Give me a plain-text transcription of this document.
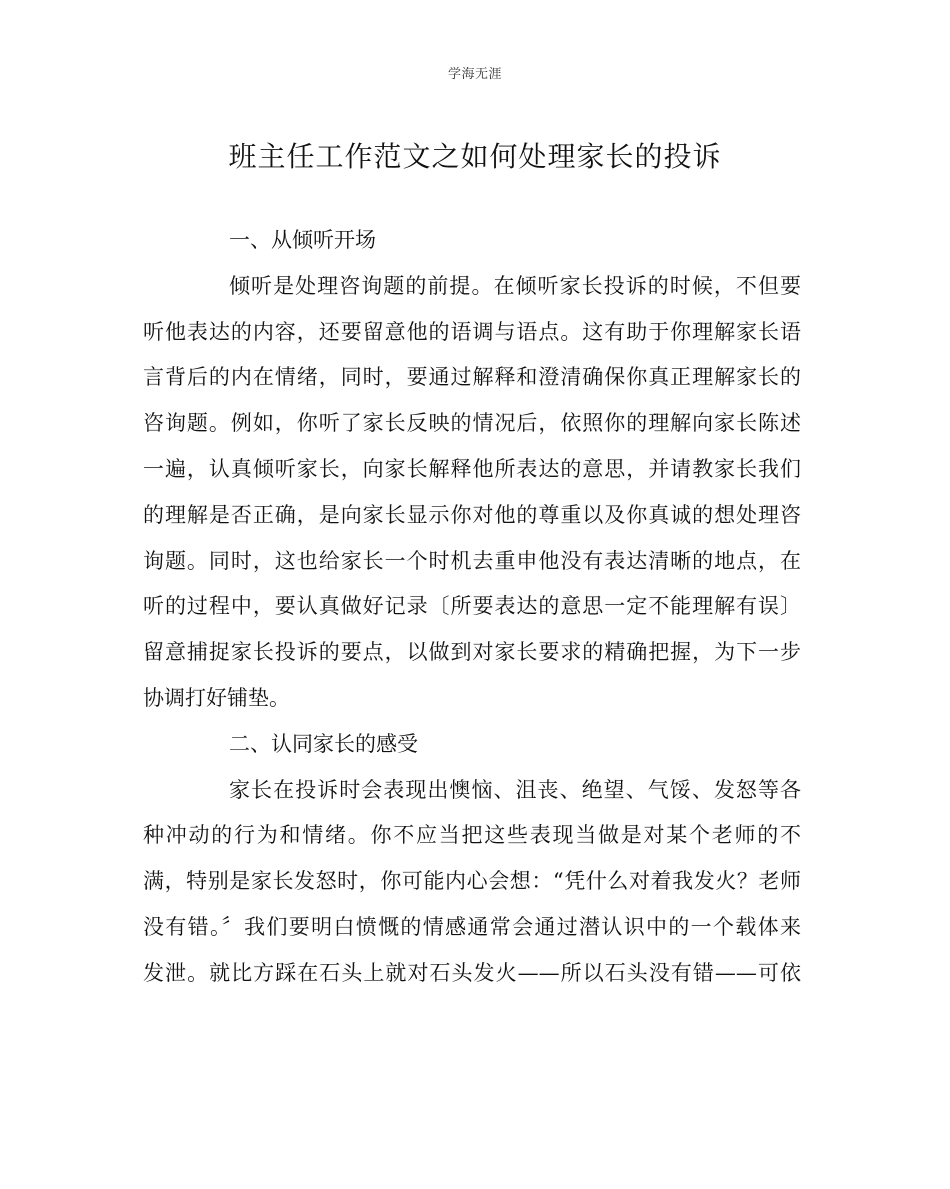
学海无涯
班主任工作范文之如何处理家长的投诉
一、从倾听开场
倾听是处理咨询题的前提。在倾听家长投诉的时候，不但要
听他表达的内容，还要留意他的语调与语点。这有助于你理解家长语
言背后的内在情绪，同时，要通过解释和澄清确保你真正理解家长的
咨询题。例如，你听了家长反映的情况后，依照你的理解向家长陈述
一遍，认真倾听家长，向家长解释他所表达的意思，并请教家长我们
的理解是否正确，是向家长显示你对他的尊重以及你真诚的想处理咨
询题。同时，这也给家长一个时机去重申他没有表达清晰的地点，在
听的过程中，要认真做好记录〔所要表达的意思一定不能理解有误〕
留意捕捉家长投诉的要点，以做到对家长要求的精确把握，为下一步
协调打好铺垫。
二、认同家长的感受
家长在投诉时会表现出懊恼、沮丧、绝望、气馁、发怒等各
种冲动的行为和情绪。你不应当把这些表现当做是对某个老师的不
满，特别是家长发怒时，你可能内心会想：“凭什么对着我发火？老师
没有错。〞我们要明白愤慨的情感通常会通过潜认识中的一个载体来
发泄。就比方踩在石头上就对石头发火——所以石头没有错——可依
